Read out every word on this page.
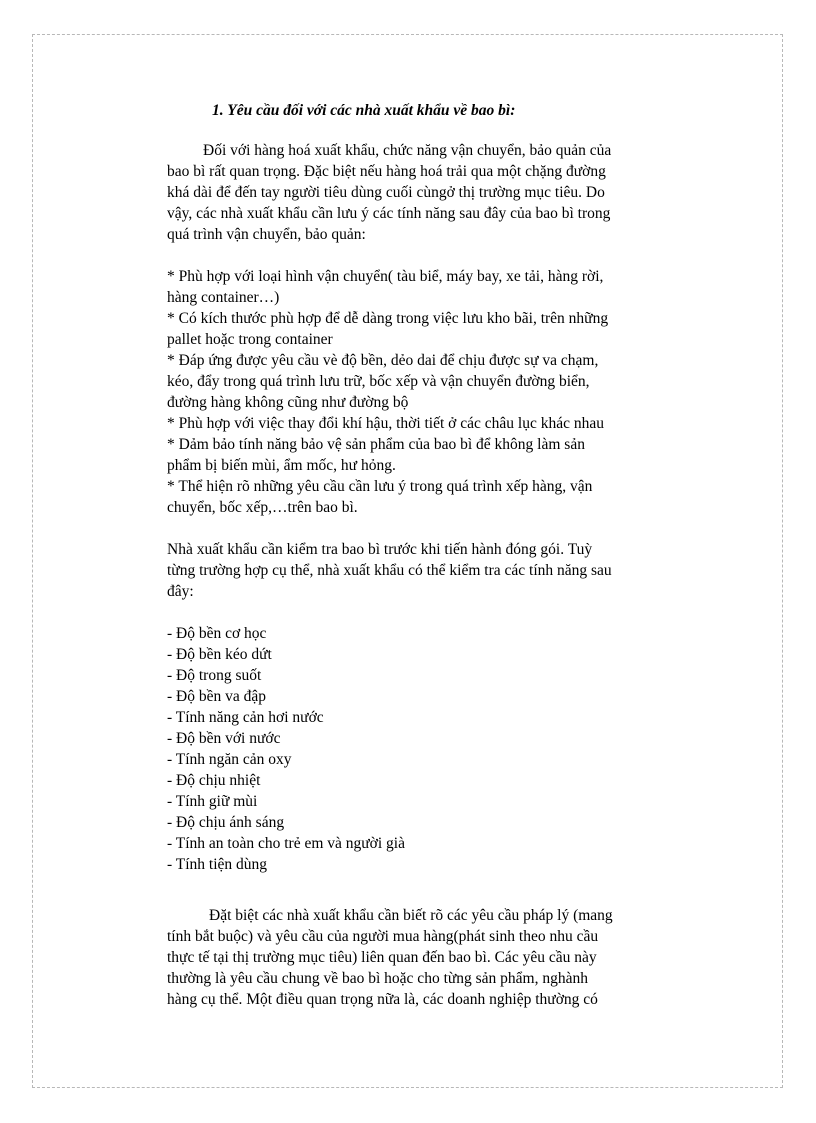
1. Yêu cầu đối với các nhà xuất khẩu về bao bì:
Đối với hàng hoá xuất khẩu, chức năng vận chuyển, bảo quản của
bao bì rất quan trọng. Đặc biệt nếu hàng hoá trải qua một chặng đường
khá dài để đến tay người tiêu dùng cuối cùngở thị trường mục tiêu. Do
vậy, các nhà xuất khẩu cần lưu ý các tính năng sau đây của bao bì trong
quá trình vận chuyển, bảo quản:
* Phù hợp với loại hình vận chuyển( tàu biể, máy bay, xe tải, hàng rời,
hàng container…)
* Có kích thước phù hợp để dễ dàng trong việc lưu kho bãi, trên những
pallet hoặc trong container
* Đáp ứng được yêu cầu vè độ bền, dẻo dai để chịu được sự va chạm,
kéo, đẩy trong quá trình lưu trữ, bốc xếp và vận chuyển đường biển,
đường hàng không cũng như đường bộ
* Phù hợp với việc thay đổi khí hậu, thời tiết ở các châu lục khác nhau
* Dảm bảo tính năng bảo vệ sản phẩm của bao bì để không làm sản
phẩm bị biến mùi, ẩm mốc, hư hỏng.
* Thể hiện rõ những yêu cầu cần lưu ý trong quá trình xếp hàng, vận
chuyển, bốc xếp,…trên bao bì.
Nhà xuất khẩu cần kiểm tra bao bì trước khi tiến hành đóng gói. Tuỳ
từng trường hợp cụ thể, nhà xuất khẩu có thể kiểm tra các tính năng sau
đây:
- Độ bền cơ học
- Độ bền kéo dứt
- Độ trong suốt
- Độ bền va đập
- Tính năng cản hơi nước
- Độ bền với nước
- Tính ngăn cản oxy
- Độ chịu nhiệt
- Tính giữ mùi
- Độ chịu ánh sáng
- Tính an toàn cho trẻ em và người già
- Tính tiện dùng
Đặt biệt các nhà xuất khẩu cần biết rõ các yêu cầu pháp lý (mang
tính bắt buộc) và yêu cầu của người mua hàng(phát sinh theo nhu cầu
thực tế tại thị trường mục tiêu) liên quan đến bao bì. Các yêu cầu này
thường là yêu cầu chung về bao bì hoặc cho từng sản phẩm, nghành
hàng cụ thể. Một điều quan trọng nữa là, các doanh nghiệp thường có
